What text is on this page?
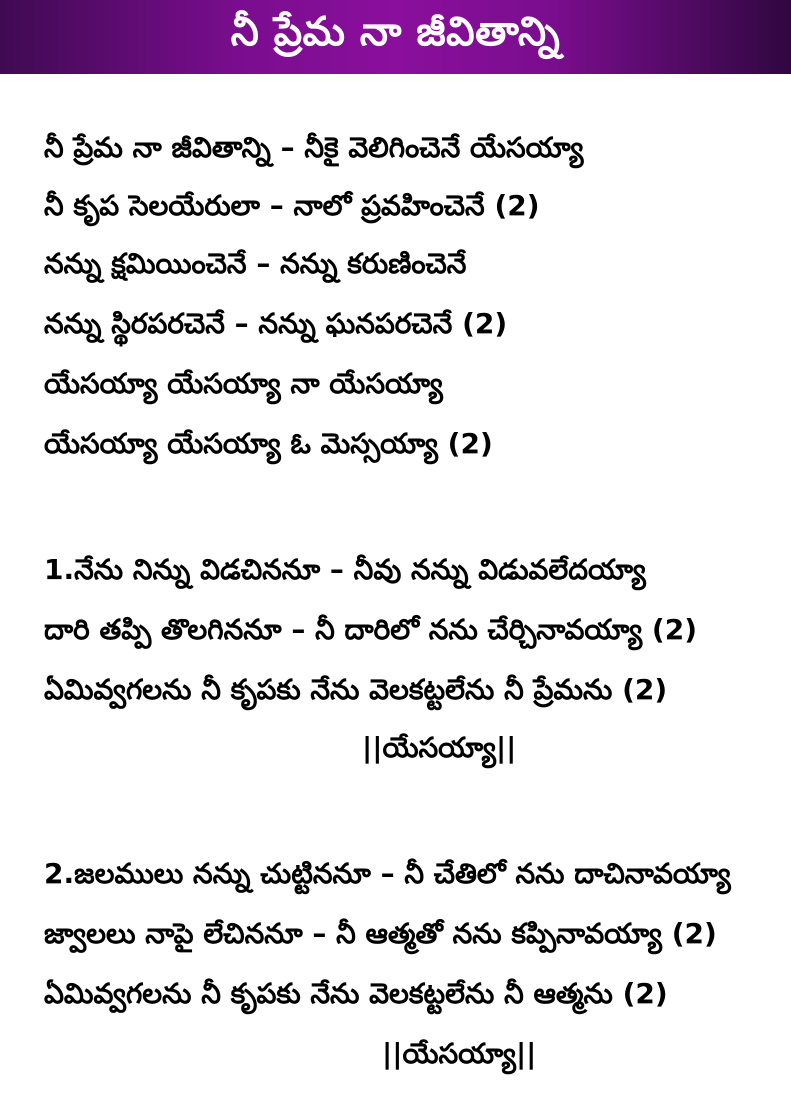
నీ ప్రేమ నా జీవితాన్ని
నీ ప్రేమ నా జీవితాన్ని – నీకై వెలిగించెనే యేసయ్యా
నీ కృప సెలయేరులా – నాలో ప్రవహించెనే (2)
నన్ను క్షమియించెనే – నన్ను కరుణించెనే
నన్ను స్థిరపరచెనే – నన్ను ఘనపరచెనే (2)
యేసయ్యా యేసయ్యా నా యేసయ్యా
యేసయ్యా యేసయ్యా ఓ మెస్సయ్యా (2)
1.నేను నిన్ను విడచిననూ – నీవు నన్ను విడువలేదయ్యా
దారి తప్పి తొలగిననూ – నీ దారిలో నను చేర్చినావయ్యా (2)
ఏమివ్వగలను నీ కృపకు నేను వెలకట్టలేను నీ ప్రేమను (2)
||యేసయ్యా||
2.జలములు నన్ను చుట్టిననూ – నీ చేతిలో నను దాచినావయ్యా
జ్వాలలు నాపై లేచిననూ – నీ ఆత్మతో నను కప్పినావయ్యా (2)
ఏమివ్వగలను నీ కృపకు నేను వెలకట్టలేను నీ ఆత్మను (2)
||యేసయ్యా||
